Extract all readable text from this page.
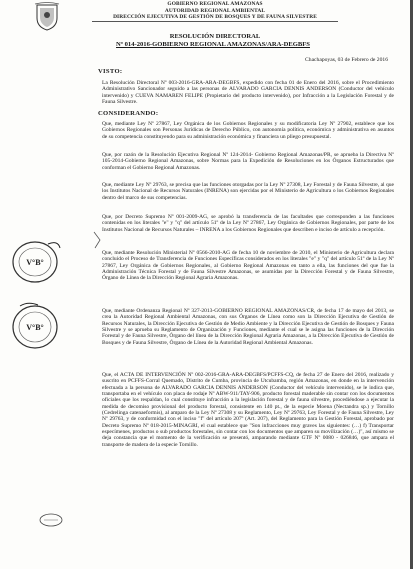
GOBIERNO REGIONAL AMAZONAS
AUTORIDAD REGIONAL AMBIENTAL
DIRECCIÓN EJECUTIVA DE GESTIÓN DE BOSQUES Y DE FAUNA SILVESTRE
RESOLUCIÓN DIRECTORAL
Nº 014-2016-GOBIERNO REGIONAL AMAZONAS/ARA-DEGBFS
Chachapoyas, 03 de Febrero de 2016
VISTO:
La Resolución Directoral Nº 003-2016-GRA-ARA-DEGBFS, expedido con fecha 01 de Enero del 2016, sobre el Procedimiento Administrativo Sancionador seguido a las personas de ALVARADO GARCIA DENNIS ANDERSON (Conductor del vehículo intervenido) y CUEVA NAMAREN FELIPE (Propietario del producto intervenido), por Infracción a la Legislación Forestal y de Fauna Silvestre.
CONSIDERANDO:
Que, mediante Ley Nº 27867, Ley Orgánica de los Gobiernos Regionales y su modificatoria Ley Nº 27902, establece que los Gobiernos Regionales son Personas Jurídicas de Derecho Público, con autonomía política, económica y administrativa en asuntos de su competencia constituyendo para su administración económica y financiera un pliego presupuestal.
Que, por razón de la Resolución Ejecutiva Regional Nº 124-2014- Gobierno Regional Amazonas/PR, se aprueba la Directiva Nº 105-2014-Gobierno Regional Amazonas, sobre Normas para la Expedición de Resoluciones en los Órganos Estructurados que conforman el Gobierno Regional Amazonas.
Que, mediante Ley Nº 29763, se precisa que las funciones otorgadas por la Ley Nº 27308, Ley Forestal y de Fauna Silvestre, al que los Institutos Nacional de Recursos Naturales (INRENA) son ejercidas por el Ministerio de Agricultura o los Gobiernos Regionales dentro del marco de sus competencias.
Que, por Decreto Supremo Nº 001-2009-AG, se aprobó la transferencia de las facultades que corresponden a las funciones contenidas en los literales "e" y "q" del artículo 51º de la Ley Nº 27867, Ley Orgánica de Gobiernos Regionales, por parte de los Institutos Nacional de Recursos Naturales – INRENA a los Gobiernos Regionales que describen e inciso de artículo a recepción.
Que, mediante Resolución Ministerial Nº 0566-2010-AG de fecha 10 de noviembre de 2010, el Ministerio de Agricultura declara concluido el Proceso de Transferencia de Funciones Específicas considerados en los literales "e" y "q" del artículo 51º de la Ley Nº 27867, Ley Orgánica de Gobiernos Regionales, al Gobierno Regional Amazonas en tanto a ella, las funciones del que fue la Administración Técnica Forestal y de Fauna Silvestre Amazonas, se asumidas por la Dirección Forestal y de Fauna Silvestre, Órgano de Línea de la Dirección Regional Agraria Amazonas.
Que, mediante Ordenanza Regional Nº 327-2013-GOBIERNO REGIONAL AMAZONAS/CR, de fecha 17 de mayo del 2013, se crea la Autoridad Regional Ambiental Amazonas, con sus Órganos de Línea como son la Dirección Ejecutiva de Gestión de Recursos Naturales, la Dirección Ejecutiva de Gestión de Medio Ambiente y la Dirección Ejecutiva de Gestión de Bosques y Fauna Silvestre y se aprueba su Reglamento de Organización y Funciones, mediante el cual se le asigna las funciones de la Dirección Forestal y de Fauna Silvestre, Órgano del línea de la Dirección Regional Agraria Amazonas, a la Dirección Ejecutiva de Gestión de Bosques y de Fauna Silvestre, Órgano de Línea de la Autoridad Regional Ambiental Amazonas.
Que, el ACTA DE INTERVENCIÓN Nº 002-2016-GRA-ARA-DEGBFS/PCFFS-CQ, de fecha 27 de Enero del 2016, realizado y suscrito en PCFFS-Corral Quemado, Distrito de Cumba, provincia de Utcubamba, región Amazonas, en donde en la intervención efectuada a la persona de ALVARADO GARCIA DENNIS ANDERSON (Conductor del vehículo intervenido), se le indica que, transportaba en el vehículo con placa de rodaje Nº ABW-911/TAY-906, producto forestal maderable sin contar con los documentos oficiales que los respaldan, lo cual constituye infracción a la legislación forestal y de fauna silvestre, procediéndose a ejecutar la medida de decomiso provisional del producto forestal, consistente en 140 pt., de la especie Moena (Nectandra sp.) y Tornillo (Cedrelinga catenaeformis), al amparo de la Ley Nº 27308 y su Reglamento, Ley Nº 29763, Ley Forestal y de Fauna Silvestre, Ley Nº 29763, y de conformidad con el inciso "f" del artículo 207º (Art. 207), del Reglamento para la Gestión Forestal, aprobado por Decreto Supremo Nº 018-2015-MINAGRI, el cual establece que "Son infracciones muy graves las siguientes: (…) f) Transportar especímenes, productos o sub productos forestales, sin contar con los documentos que amparen su movilización (…)", así mismo se deja constancia que el momento de la verificación se presentó, amparando mediante GTF Nº 0080 - 026846, que ampara el transporte de madera de la especie Tornillo.
V°B°
V°B°
